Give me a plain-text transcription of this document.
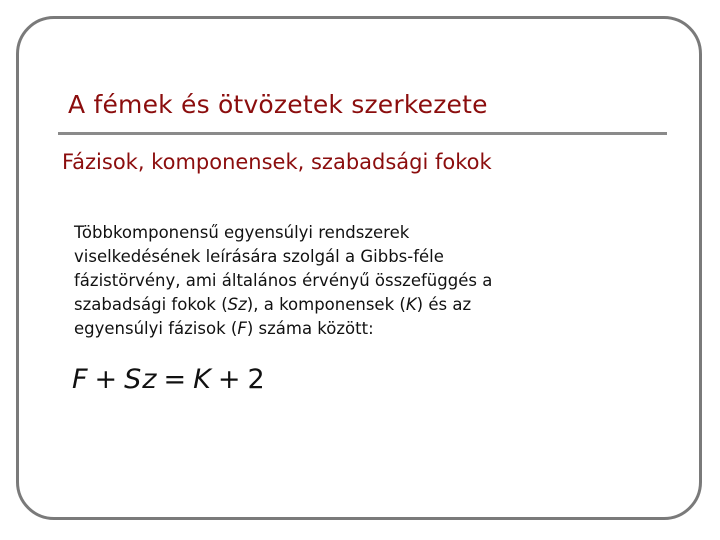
A fémek és ötvözetek szerkezete
Fázisok, komponensek, szabadsági fokok

Többkomponensű egyensúlyi rendszerek
viselkedésének leírására szolgál a Gibbs-féle
fázistörvény, ami általános érvényű összefüggés a
szabadsági fokok (Sz), a komponensek (K) és az
egyensúlyi fázisok (F) száma között:

F + Sz = K + 2
